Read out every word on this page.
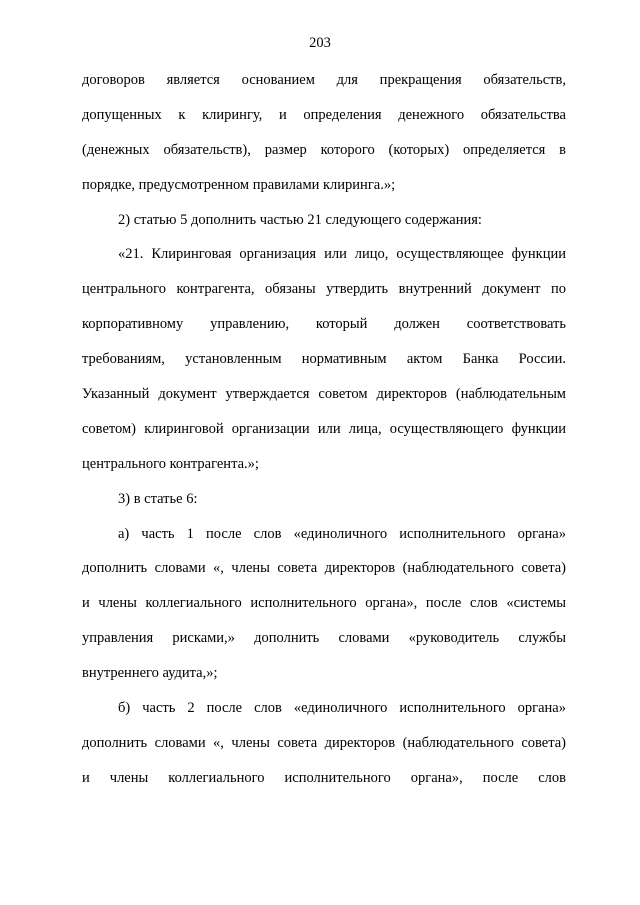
203
договоров является основанием для прекращения обязательств,
допущенных к клирингу, и определения денежного обязательства
(денежных обязательств), размер которого (которых) определяется в
порядке, предусмотренном правилами клиринга.»;
2) статью 5 дополнить частью 21 следующего содержания:
«21. Клиринговая организация или лицо, осуществляющее функции
центрального контрагента, обязаны утвердить внутренний документ по
корпоративному управлению, который должен соответствовать
требованиям, установленным нормативным актом Банка России.
Указанный документ утверждается советом директоров (наблюдательным
советом) клиринговой организации или лица, осуществляющего функции
центрального контрагента.»;
3) в статье 6:
а) часть 1 после слов «единоличного исполнительного органа»
дополнить словами «, члены совета директоров (наблюдательного совета)
и члены коллегиального исполнительного органа», после слов «системы
управления рисками,» дополнить словами «руководитель службы
внутреннего аудита,»;
б) часть 2 после слов «единоличного исполнительного органа»
дополнить словами «, члены совета директоров (наблюдательного совета)
и члены коллегиального исполнительного органа», после слов
